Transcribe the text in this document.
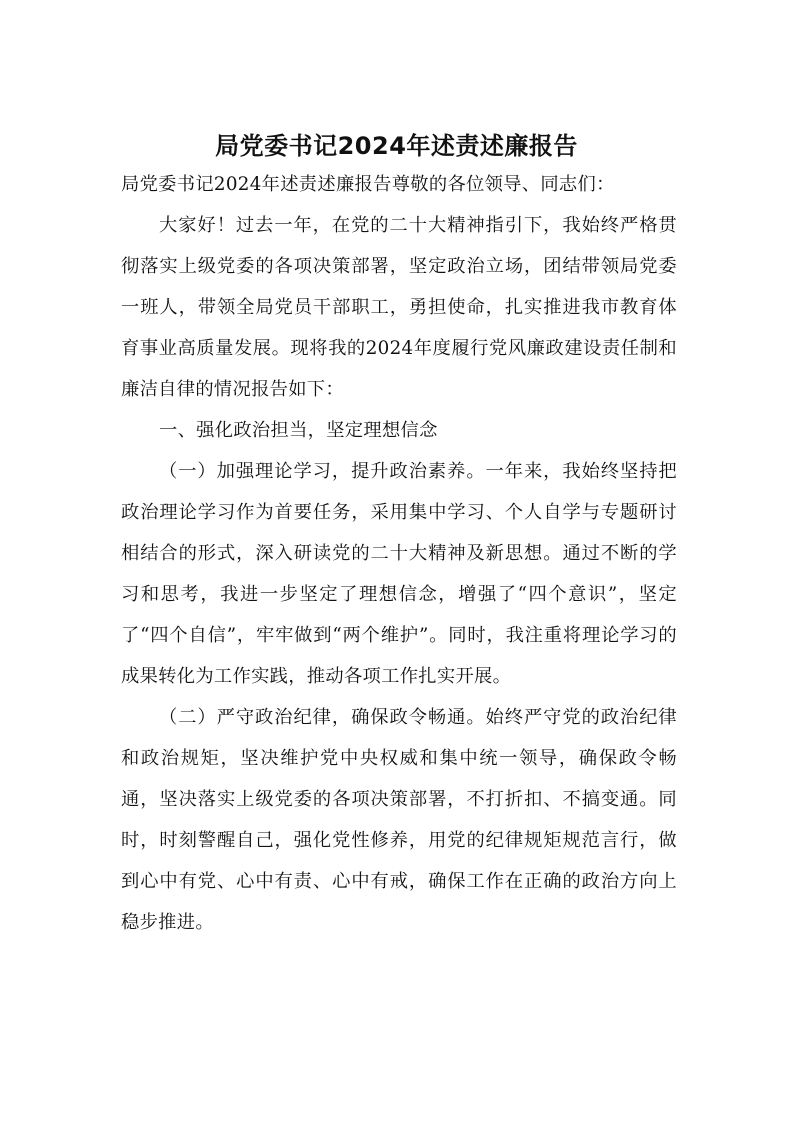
局党委书记2024年述责述廉报告

局党委书记2024年述责述廉报告尊敬的各位领导、同志们：

大家好！过去一年，在党的二十大精神指引下，我始终严格贯彻落实上级党委的各项决策部署，坚定政治立场，团结带领局党委一班人，带领全局党员干部职工，勇担使命，扎实推进我市教育体育事业高质量发展。现将我的2024年度履行党风廉政建设责任制和廉洁自律的情况报告如下：

一、强化政治担当，坚定理想信念

（一）加强理论学习，提升政治素养。一年来，我始终坚持把政治理论学习作为首要任务，采用集中学习、个人自学与专题研讨相结合的形式，深入研读党的二十大精神及新思想。通过不断的学习和思考，我进一步坚定了理想信念，增强了“四个意识”，坚定了“四个自信”，牢牢做到“两个维护”。同时，我注重将理论学习的成果转化为工作实践，推动各项工作扎实开展。

（二）严守政治纪律，确保政令畅通。始终严守党的政治纪律和政治规矩，坚决维护党中央权威和集中统一领导，确保政令畅通，坚决落实上级党委的各项决策部署，不打折扣、不搞变通。同时，时刻警醒自己，强化党性修养，用党的纪律规矩规范言行，做到心中有党、心中有责、心中有戒，确保工作在正确的政治方向上稳步推进。
